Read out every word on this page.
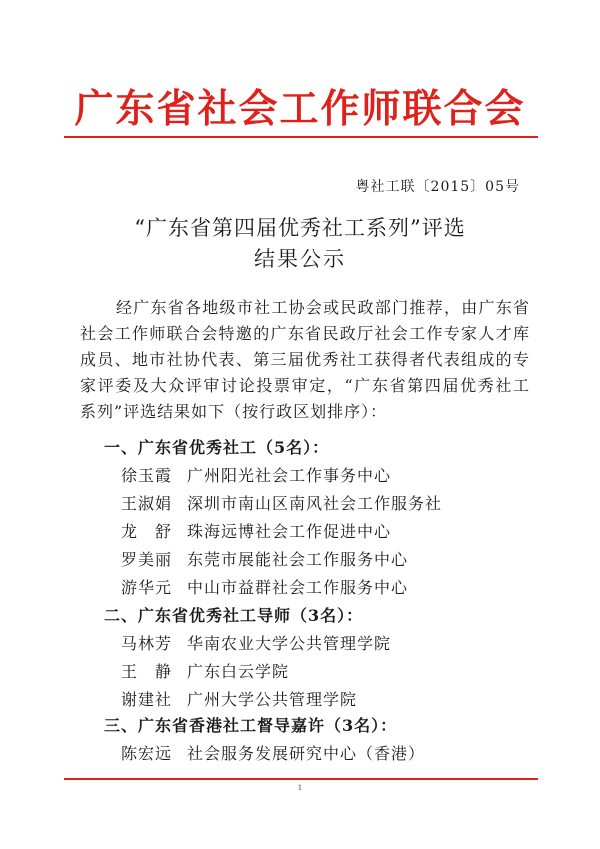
广东省社会工作师联合会
粤社工联〔2015〕05号
“广东省第四届优秀社工系列”评选
结果公示
经广东省各地级市社工协会或民政部门推荐，由广东省社会工作师联合会特邀的广东省民政厅社会工作专家人才库成员、地市社协代表、第三届优秀社工获得者代表组成的专家评委及大众评审讨论投票审定，“广东省第四届优秀社工系列”评选结果如下（按行政区划排序）：
一、广东省优秀社工（5名）：
徐玉霞 广州阳光社会工作事务中心
王淑娟 深圳市南山区南风社会工作服务社
龙　舒 珠海远博社会工作促进中心
罗美丽 东莞市展能社会工作服务中心
游华元 中山市益群社会工作服务中心
二、广东省优秀社工导师（3名）：
马林芳 华南农业大学公共管理学院
王　静 广东白云学院
谢建社 广州大学公共管理学院
三、广东省香港社工督导嘉许（3名）：
陈宏远 社会服务发展研究中心（香港）
1
